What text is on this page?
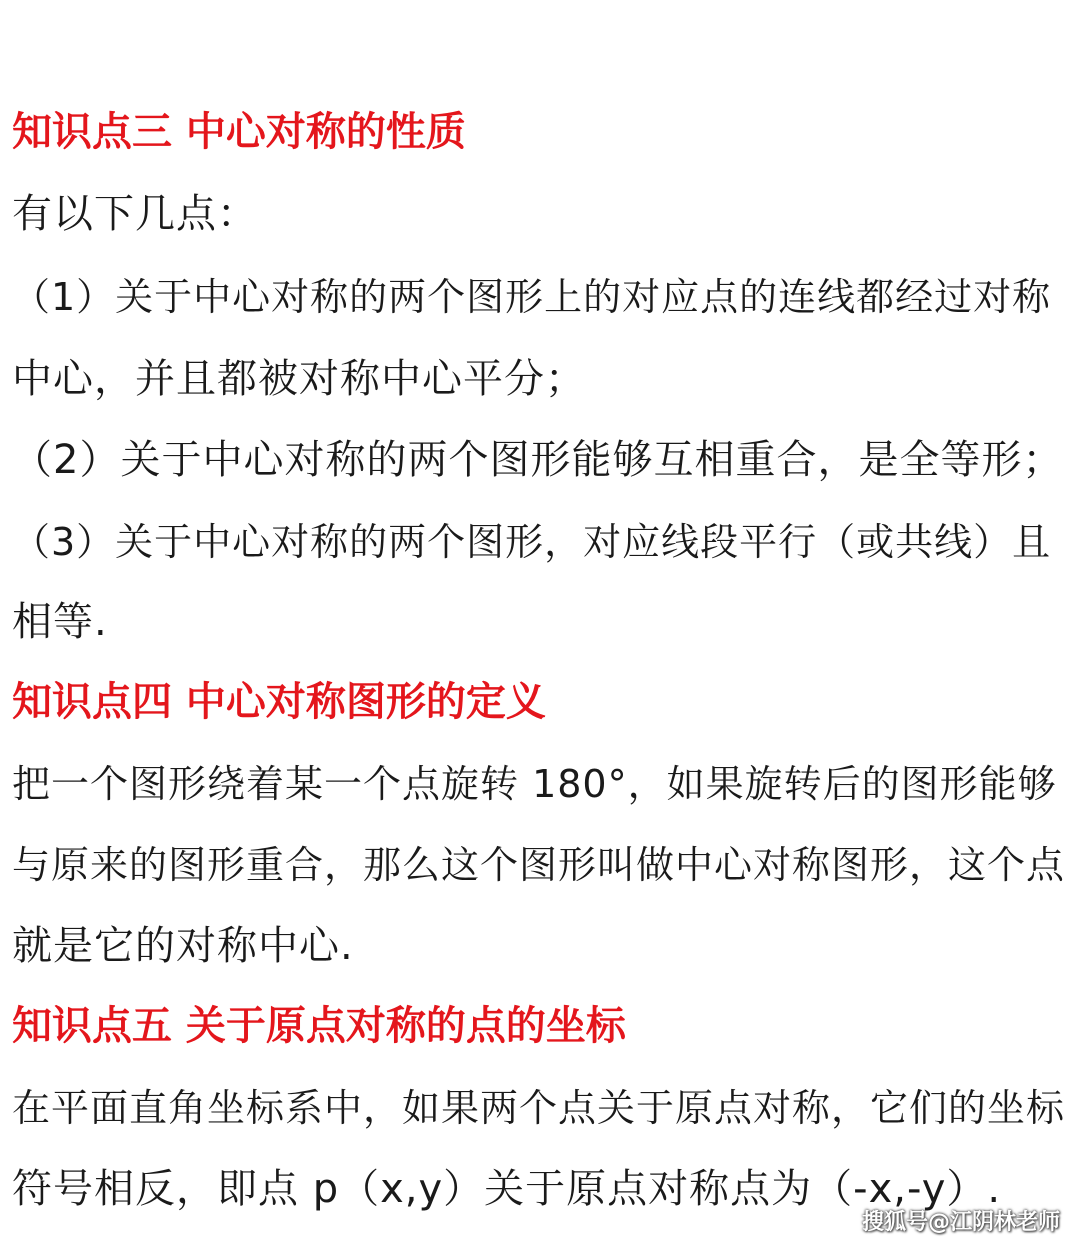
知识点三 中心对称的性质
有以下几点：
（1）关于中心对称的两个图形上的对应点的连线都经过对称
中心，并且都被对称中心平分；
（2）关于中心对称的两个图形能够互相重合，是全等形；
（3）关于中心对称的两个图形，对应线段平行（或共线）且
相等.
知识点四 中心对称图形的定义
把一个图形绕着某一个点旋转 180°，如果旋转后的图形能够
与原来的图形重合，那么这个图形叫做中心对称图形，这个点
就是它的对称中心.
知识点五 关于原点对称的点的坐标
在平面直角坐标系中，如果两个点关于原点对称，它们的坐标
符号相反，即点 p（x,y）关于原点对称点为（-x,-y）.
搜狐号@江阴林老师
